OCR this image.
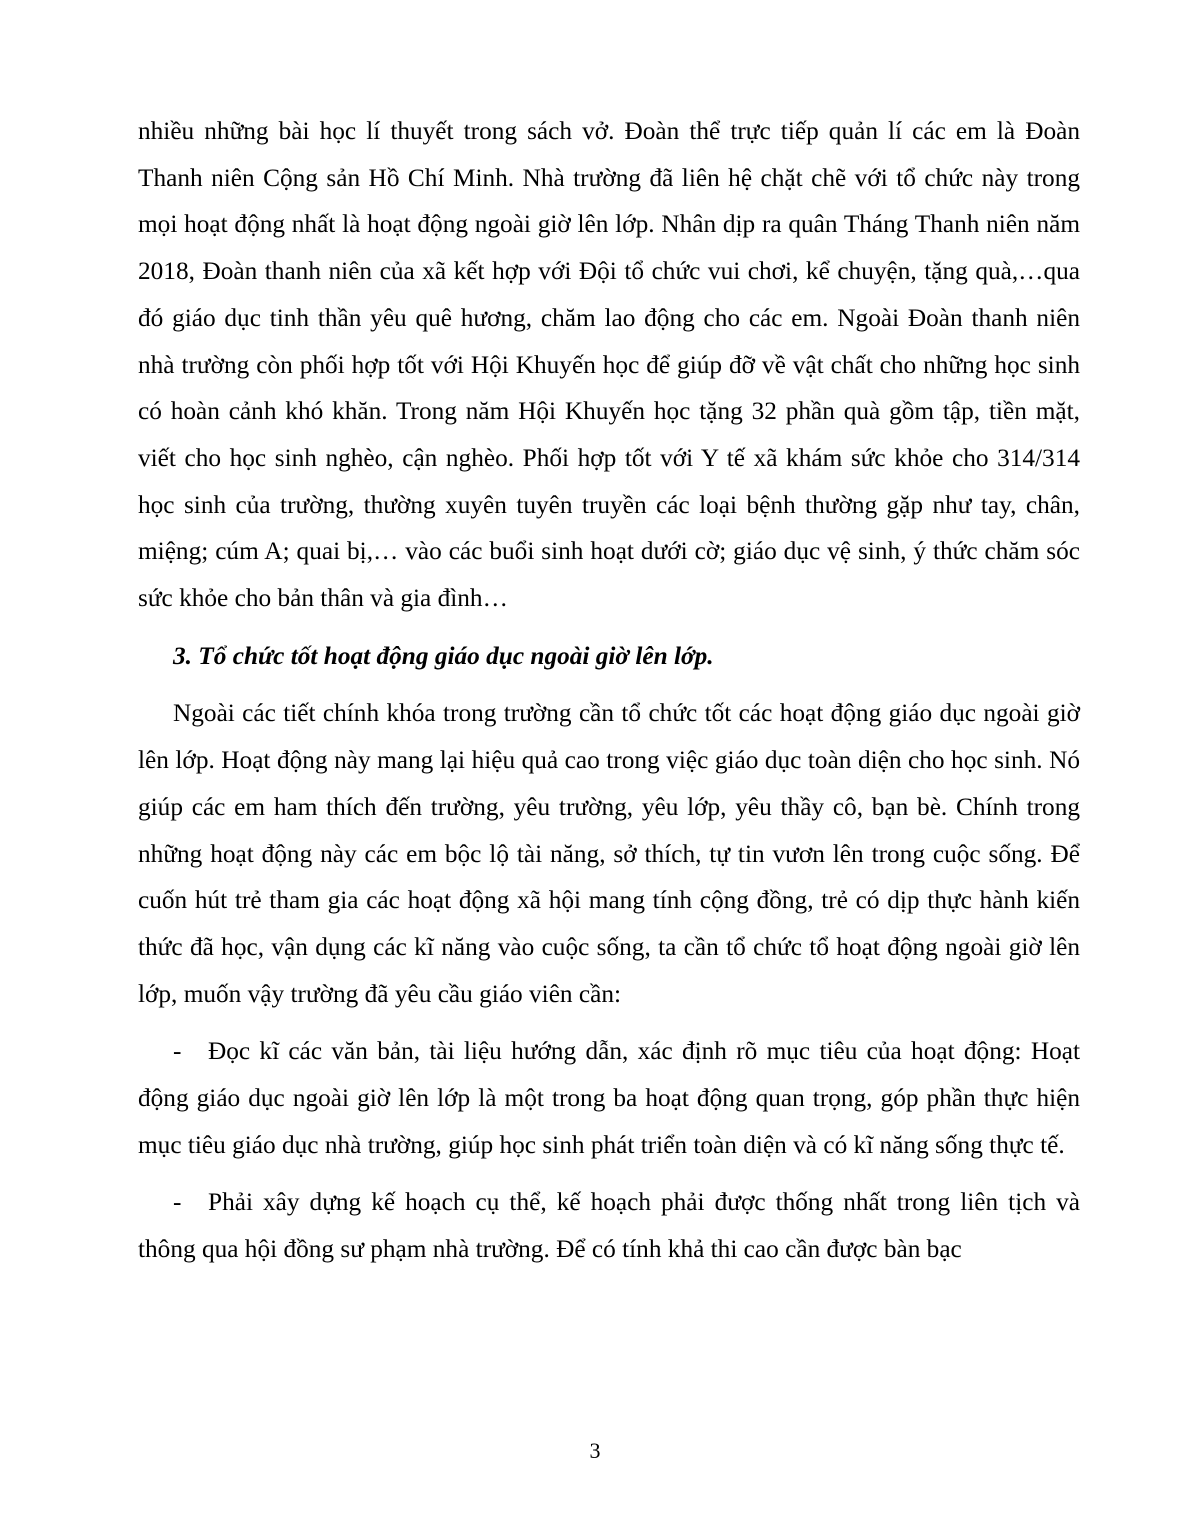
nhiều những bài học lí thuyết trong sách vở. Đoàn thể trực tiếp quản lí các em là Đoàn Thanh niên Cộng sản Hồ Chí Minh. Nhà trường đã liên hệ chặt chẽ với tổ chức này trong mọi hoạt động nhất là hoạt động ngoài giờ lên lớp. Nhân dịp ra quân Tháng Thanh niên năm 2018, Đoàn thanh niên của xã kết hợp với Đội tổ chức vui chơi, kể chuyện, tặng quà,…qua đó giáo dục tinh thần yêu quê hương, chăm lao động cho các em. Ngoài Đoàn thanh niên nhà trường còn phối hợp tốt với Hội Khuyến học để giúp đỡ về vật chất cho những học sinh có hoàn cảnh khó khăn. Trong năm Hội Khuyến học tặng 32 phần quà gồm tập, tiền mặt, viết cho học sinh nghèo, cận nghèo. Phối hợp tốt với Y tế xã khám sức khỏe cho 314/314 học sinh của trường, thường xuyên tuyên truyền các loại bệnh thường gặp như tay, chân, miệng; cúm A; quai bị,… vào các buổi sinh hoạt dưới cờ; giáo dục vệ sinh, ý thức chăm sóc sức khỏe cho bản thân và gia đình…

3. Tổ chức tốt hoạt động giáo dục ngoài giờ lên lớp.

Ngoài các tiết chính khóa trong trường cần tổ chức tốt các hoạt động giáo dục ngoài giờ lên lớp. Hoạt động này mang lại hiệu quả cao trong việc giáo dục toàn diện cho học sinh. Nó giúp các em ham thích đến trường, yêu trường, yêu lớp, yêu thầy cô, bạn bè. Chính trong những hoạt động này các em bộc lộ tài năng, sở thích, tự tin vươn lên trong cuộc sống. Để cuốn hút trẻ tham gia các hoạt động xã hội mang tính cộng đồng, trẻ có dịp thực hành kiến thức đã học, vận dụng các kĩ năng vào cuộc sống, ta cần tổ chức tổ hoạt động ngoài giờ lên lớp, muốn vậy trường đã yêu cầu giáo viên cần:

- Đọc kĩ các văn bản, tài liệu hướng dẫn, xác định rõ mục tiêu của hoạt động: Hoạt động giáo dục ngoài giờ lên lớp là một trong ba hoạt động quan trọng, góp phần thực hiện mục tiêu giáo dục nhà trường, giúp học sinh phát triển toàn diện và có kĩ năng sống thực tế.

- Phải xây dựng kế hoạch cụ thể, kế hoạch phải được thống nhất trong liên tịch và thông qua hội đồng sư phạm nhà trường. Để có tính khả thi cao cần được bàn bạc

3
